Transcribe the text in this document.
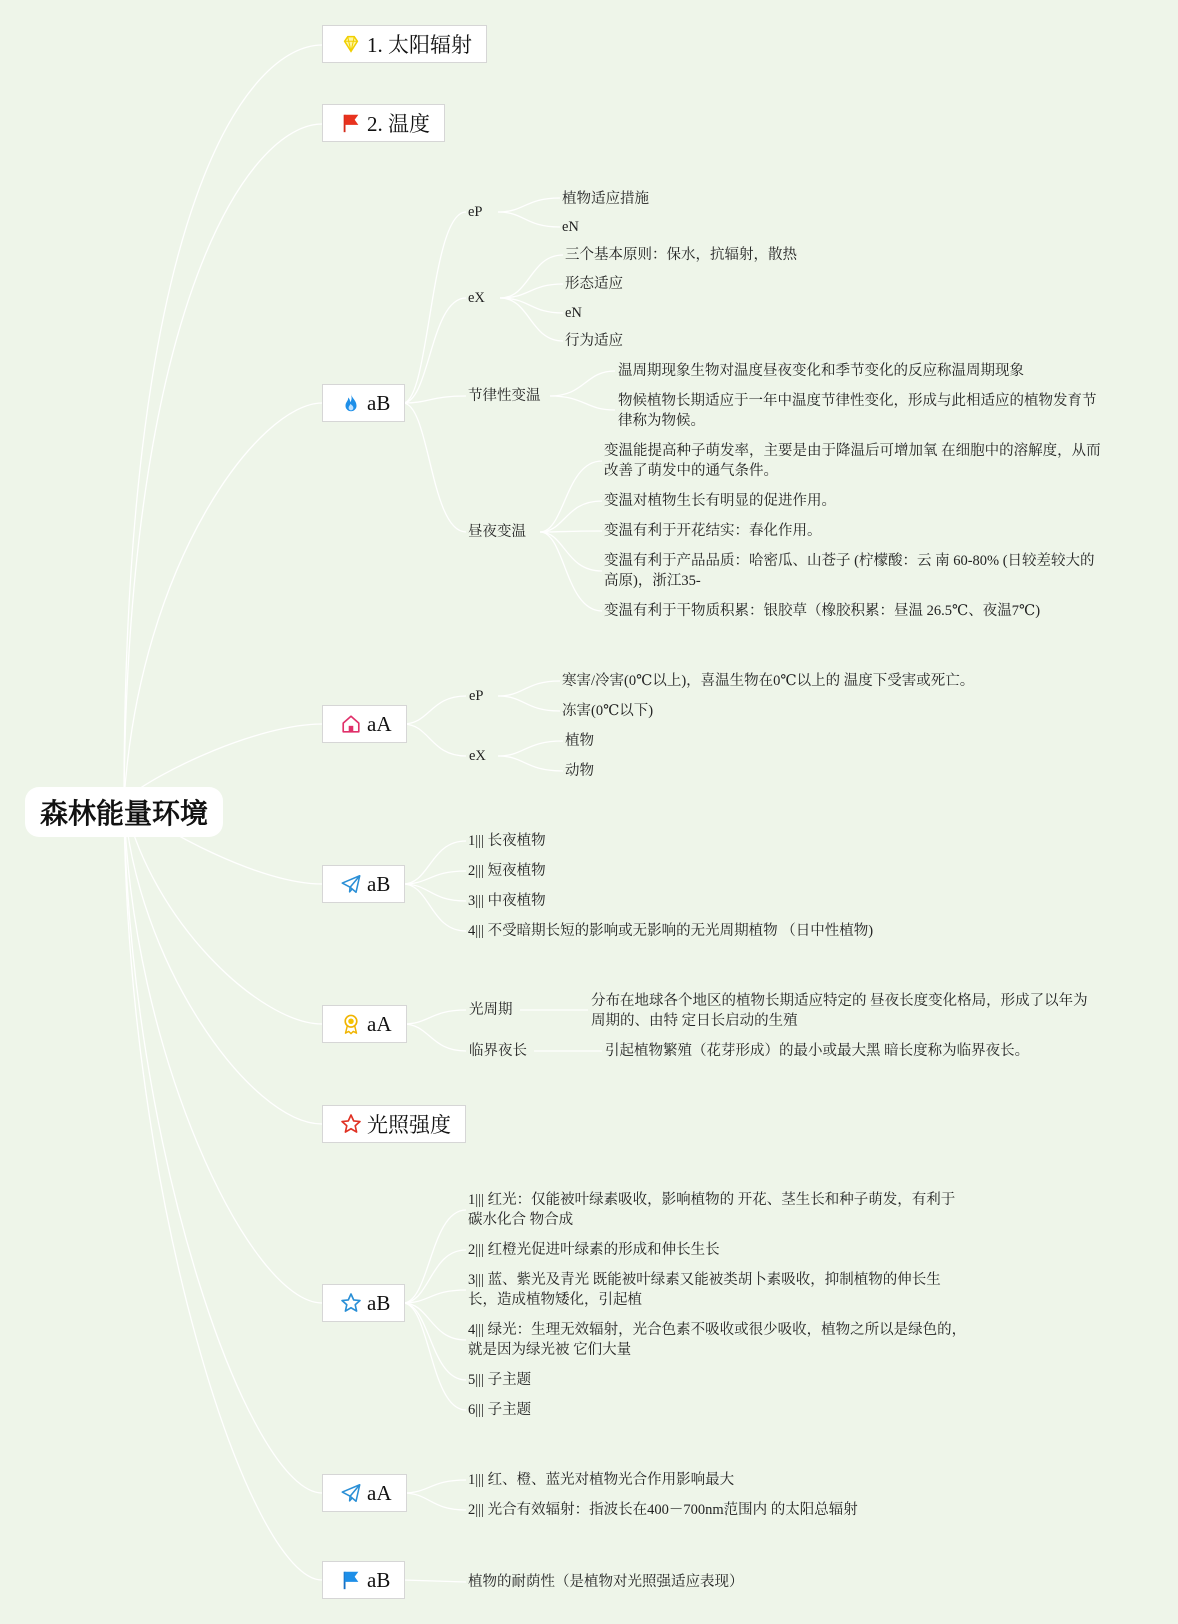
森林能量环境
1. 太阳辐射
2. 温度
aB
aA
aB
aA
光照强度
aB
aA
aB
eP
植物适应措施
eN
eX
三个基本原则：保水，抗辐射，散热
形态适应
eN
行为适应
节律性变温
温周期现象生物对温度昼夜变化和季节变化的反应称温周期现象
物候植物长期适应于一年中温度节律性变化，形成与此相适应的植物发育节律称为物候。
昼夜变温
变温能提高种子萌发率，主要是由于降温后可增加氧 在细胞中的溶解度，从而改善了萌发中的通气条件。
变温对植物生长有明显的促进作用。
变温有利于开花结实：春化作用。
变温有利于产品品质：哈密瓜、山苍子 (柠檬酸：云 南 60-80% (日较差较大的高原)，浙江35-
变温有利于干物质积累：银胶草（橡胶积累：昼温 26.5℃、夜温7℃)
eP
寒害/冷害(0℃以上)，喜温生物在0℃以上的 温度下受害或死亡。
冻害(0℃以下)
eX
植物
动物
1||| 长夜植物
2||| 短夜植物
3||| 中夜植物
4||| 不受暗期长短的影响或无影响的无光周期植物 （日中性植物)
光周期
分布在地球各个地区的植物长期适应特定的 昼夜长度变化格局，形成了以年为周期的、由特 定日长启动的生殖
临界夜长	引起植物繁殖（花芽形成）的最小或最大黑 暗长度称为临界夜长。
1||| 红光：仅能被叶绿素吸收，影响植物的 开花、茎生长和种子萌发，有利于碳水化合 物合成
2||| 红橙光促进叶绿素的形成和伸长生长
3||| 蓝、紫光及青光 既能被叶绿素又能被类胡卜素吸收，抑制植物的伸长生长，造成植物矮化，引起植
4||| 绿光：生理无效辐射，光合色素不吸收或很少吸收，植物之所以是绿色的，就是因为绿光被 它们大量
5||| 子主题
6||| 子主题
1||| 红、橙、蓝光对植物光合作用影响最大
2||| 光合有效辐射：指波长在400－700nm范围内 的太阳总辐射
植物的耐荫性（是植物对光照强适应表现）
